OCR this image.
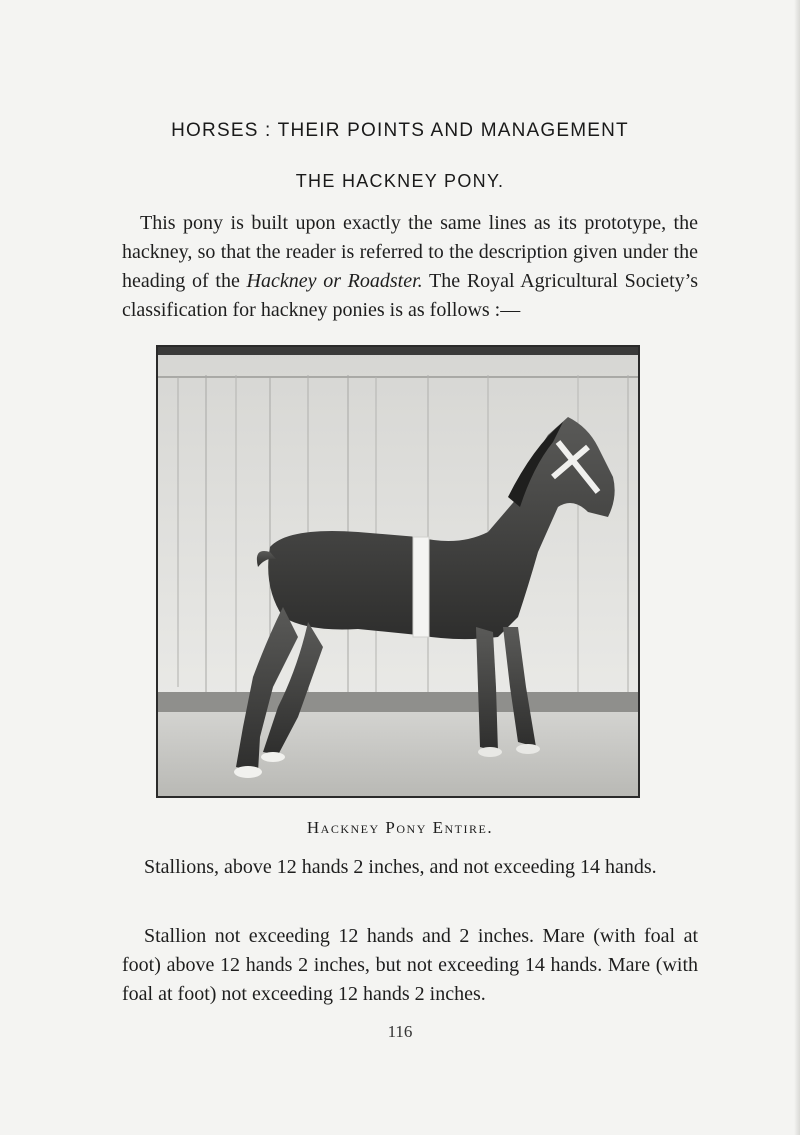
HORSES : THEIR POINTS AND MANAGEMENT
THE HACKNEY PONY.

This pony is built upon exactly the same lines as its prototype, the hackney, so that the reader is referred to the description given under the heading of the Hackney or Roadster. The Royal Agricultural Society’s classification for hackney ponies is as follows :—

Hackney Pony Entire.

Stallions, above 12 hands 2 inches, and not exceeding 14 hands.

Stallion not exceeding 12 hands and 2 inches. Mare (with foal at foot) above 12 hands 2 inches, but not exceeding 14 hands. Mare (with foal at foot) not exceeding 12 hands 2 inches.

116
